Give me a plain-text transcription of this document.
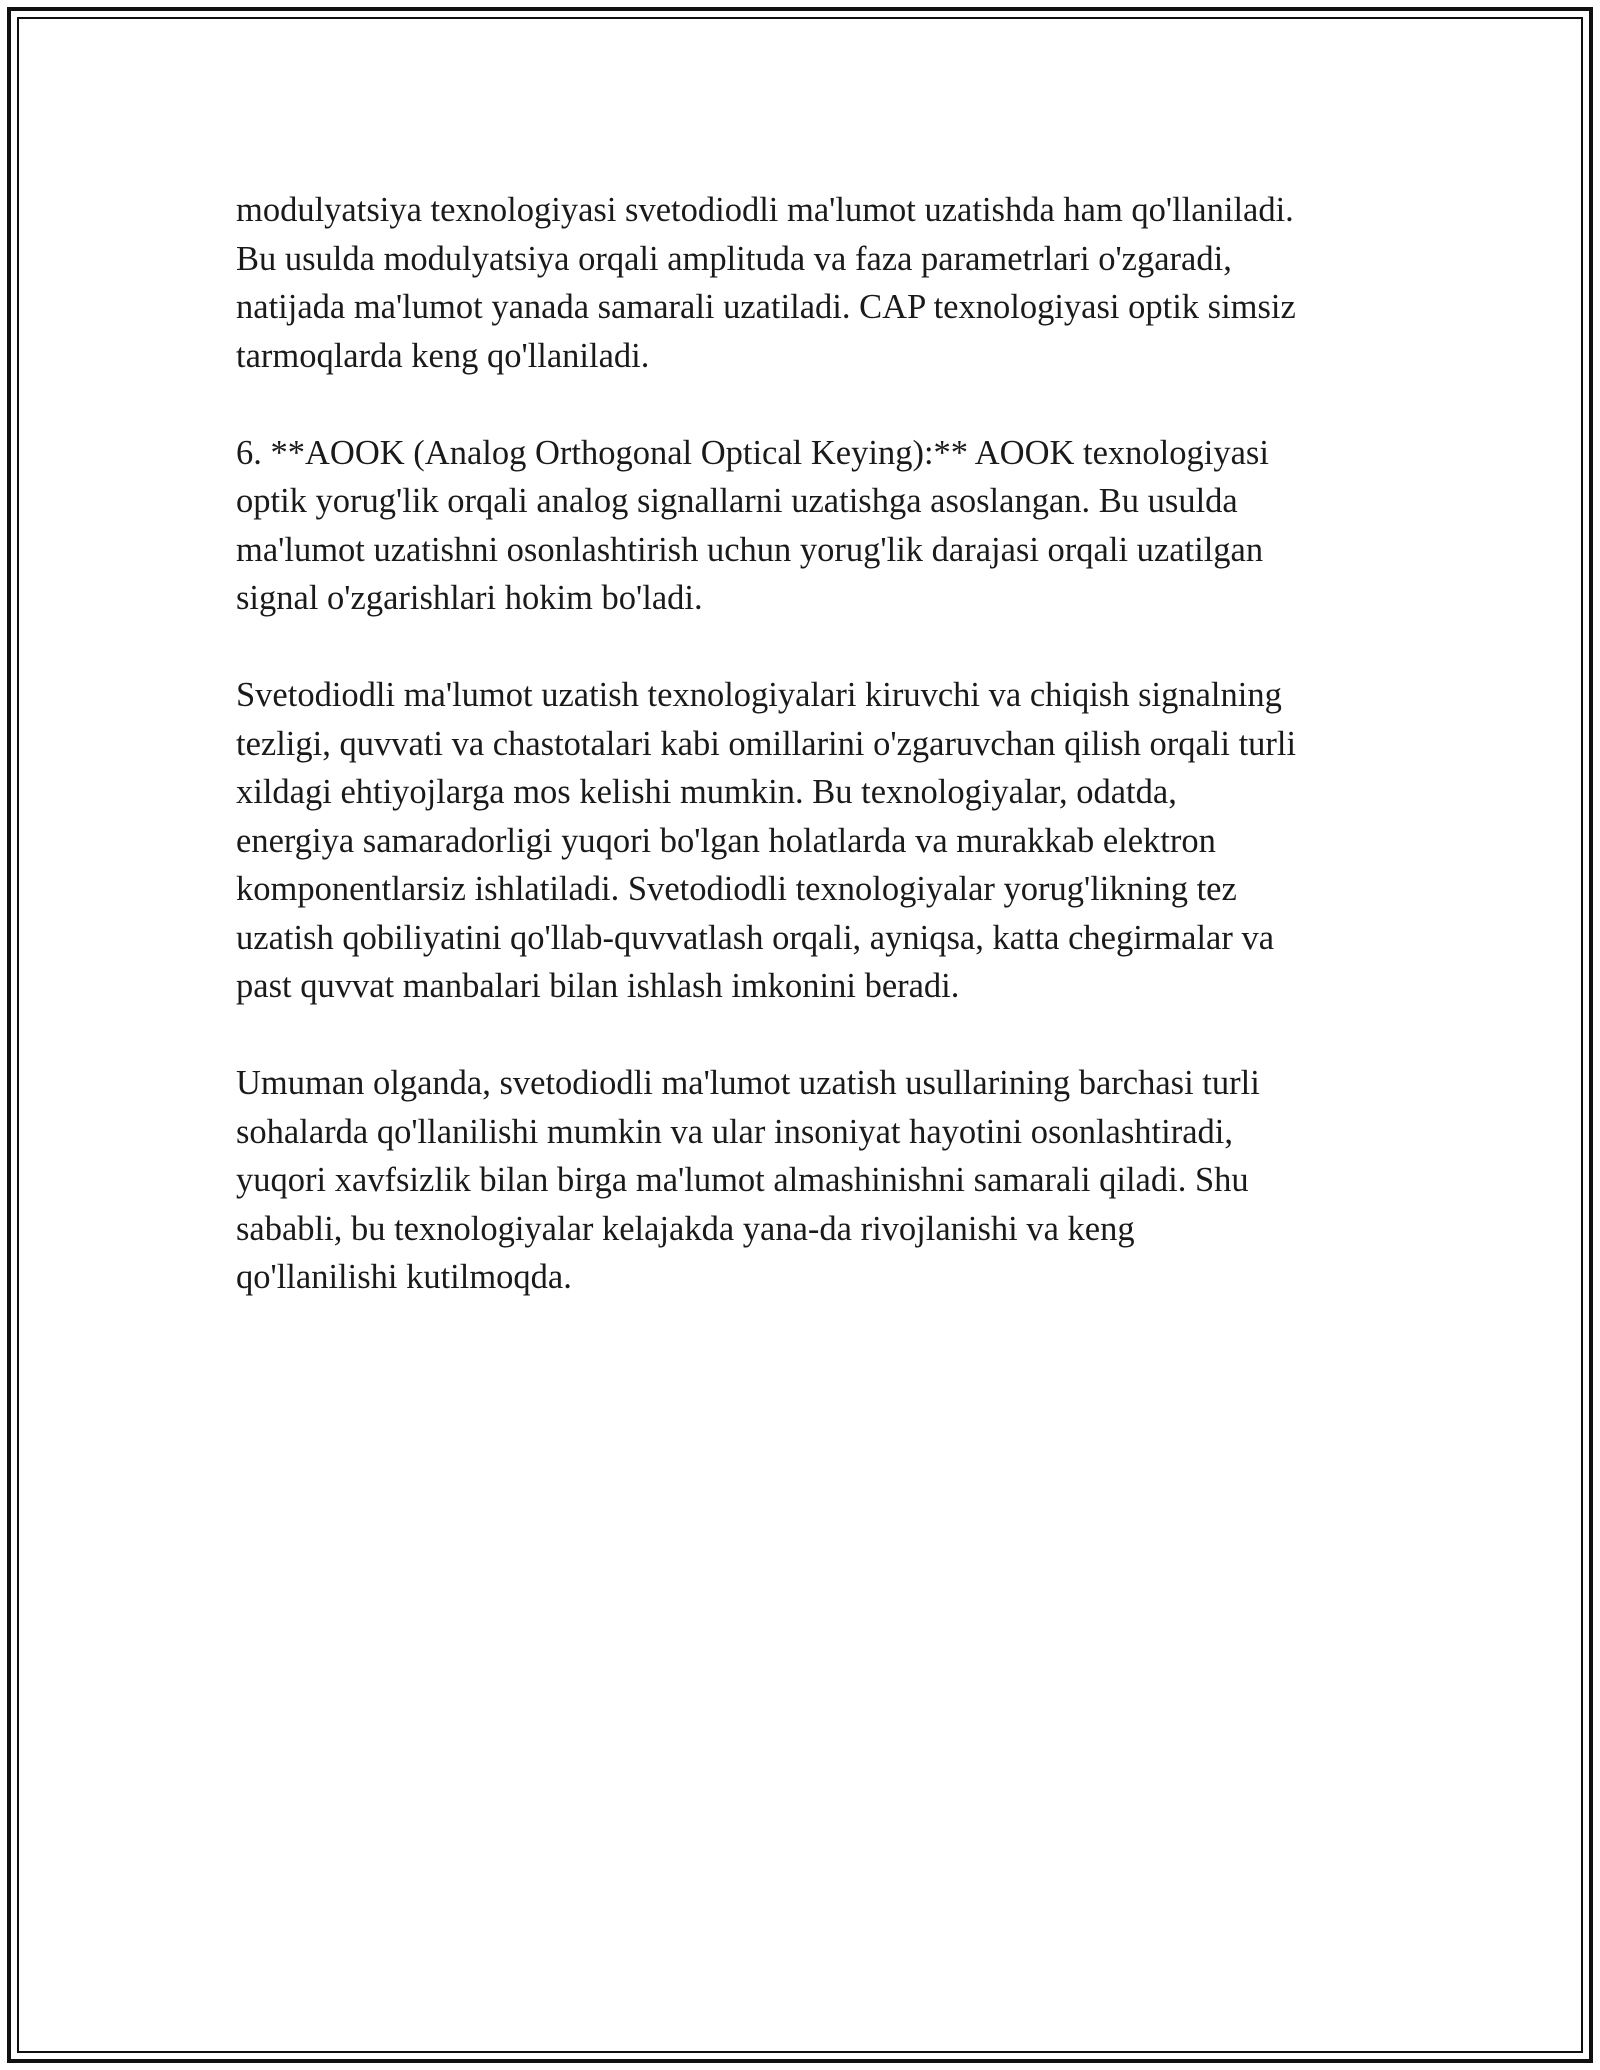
modulyatsiya texnologiyasi svetodiodli ma'lumot uzatishda ham qo'llaniladi.
Bu usulda modulyatsiya orqali amplituda va faza parametrlari o'zgaradi,
natijada ma'lumot yanada samarali uzatiladi. CAP texnologiyasi optik simsiz
tarmoqlarda keng qo'llaniladi.

6. **AOOK (Analog Orthogonal Optical Keying):** AOOK texnologiyasi
optik yorug'lik orqali analog signallarni uzatishga asoslangan. Bu usulda
ma'lumot uzatishni osonlashtirish uchun yorug'lik darajasi orqali uzatilgan
signal o'zgarishlari hokim bo'ladi.

Svetodiodli ma'lumot uzatish texnologiyalari kiruvchi va chiqish signalning
tezligi, quvvati va chastotalari kabi omillarini o'zgaruvchan qilish orqali turli
xildagi ehtiyojlarga mos kelishi mumkin. Bu texnologiyalar, odatda,
energiya samaradorligi yuqori bo'lgan holatlarda va murakkab elektron
komponentlarsiz ishlatiladi. Svetodiodli texnologiyalar yorug'likning tez
uzatish qobiliyatini qo'llab-quvvatlash orqali, ayniqsa, katta chegirmalar va
past quvvat manbalari bilan ishlash imkonini beradi.

Umuman olganda, svetodiodli ma'lumot uzatish usullarining barchasi turli
sohalarda qo'llanilishi mumkin va ular insoniyat hayotini osonlashtiradi,
yuqori xavfsizlik bilan birga ma'lumot almashinishni samarali qiladi. Shu
sababli, bu texnologiyalar kelajakda yana-da rivojlanishi va keng
qo'llanilishi kutilmoqda.
